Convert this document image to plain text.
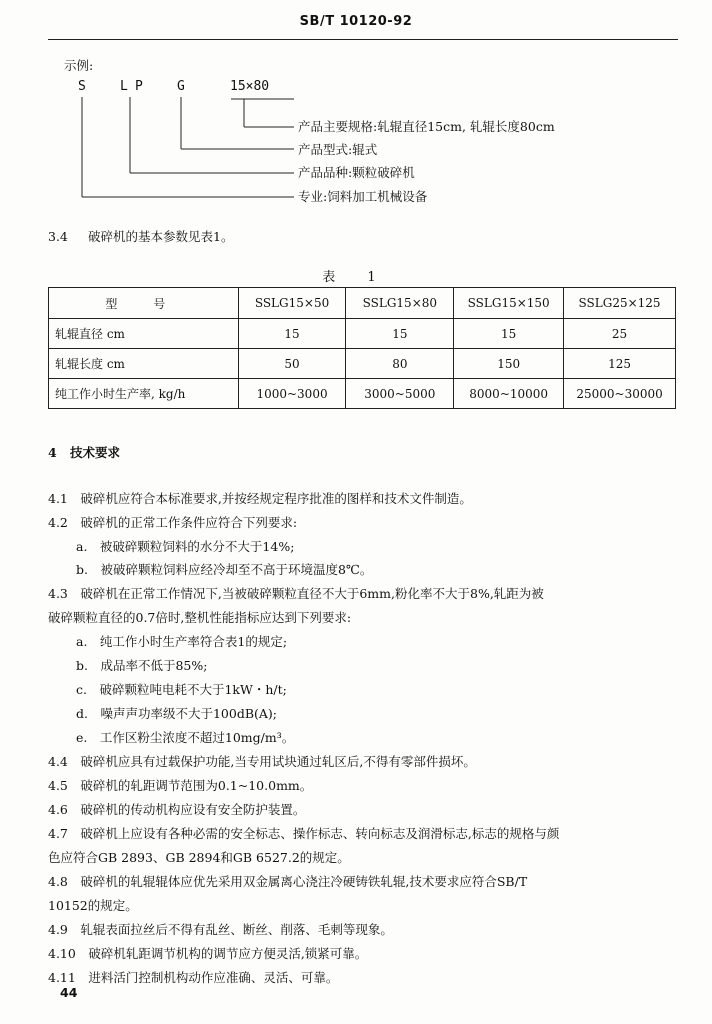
SB/T 10120-92
示例:
S	L P	G	15×80
产品主要规格:轧辊直径15cm, 轧辊长度80cm
产品型式:辊式
产品品种:颗粒破碎机
专业:饲料加工机械设备
3.4 破碎机的基本参数见表1。
表 1
型 号	SSLG15×50	SSLG15×80	SSLG15×150	SSLG25×125
轧辊直径 cm	15	15	15	25
轧辊长度 cm	50	80	150	125
纯工作小时生产率, kg/h	1000~3000	3000~5000	8000~10000	25000~30000
4 技术要求
4.1　破碎机应符合本标准要求,并按经规定程序批准的图样和技术文件制造。
4.2　破碎机的正常工作条件应符合下列要求:
a.　被破碎颗粒饲料的水分不大于14%;
b.　被破碎颗粒饲料应经冷却至不高于环境温度8℃。
4.3　破碎机在正常工作情况下,当被破碎颗粒直径不大于6mm,粉化率不大于8%,轧距为被
破碎颗粒直径的0.7倍时,整机性能指标应达到下列要求:
a.　纯工作小时生产率符合表1的规定;
b.　成品率不低于85%;
c.　破碎颗粒吨电耗不大于1kW・h/t;
d.　噪声声功率级不大于100dB(A);
e.　工作区粉尘浓度不超过10mg/m³。
4.4　破碎机应具有过载保护功能,当专用试块通过轧区后,不得有零部件损坏。
4.5　破碎机的轧距调节范围为0.1~10.0mm。
4.6　破碎机的传动机构应设有安全防护装置。
4.7　破碎机上应设有各种必需的安全标志、操作标志、转向标志及润滑标志,标志的规格与颜
色应符合GB 2893、GB 2894和GB 6527.2的规定。
4.8　破碎机的轧辊辊体应优先采用双金属离心浇注冷硬铸铁轧辊,技术要求应符合SB/T
10152的规定。
4.9　轧辊表面拉丝后不得有乱丝、断丝、削落、毛刺等现象。
4.10　破碎机轧距调节机构的调节应方便灵活,锁紧可靠。
4.11　进料活门控制机构动作应准确、灵活、可靠。
44
